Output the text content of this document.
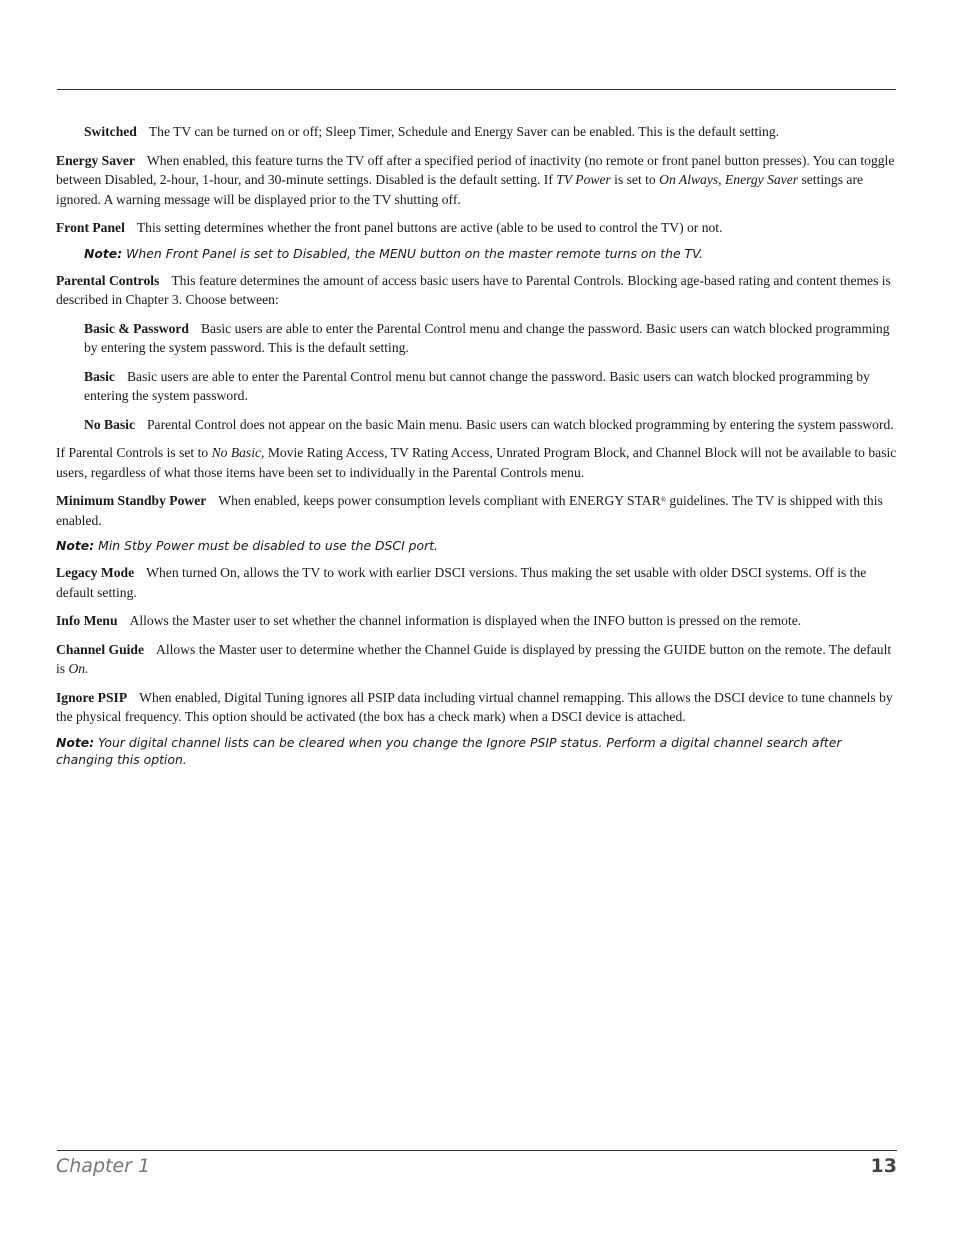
Switched The TV can be turned on or off; Sleep Timer, Schedule and Energy Saver can be enabled. This is the default setting.

Energy Saver When enabled, this feature turns the TV off after a specified period of inactivity (no remote or front panel button presses). You can toggle between Disabled, 2-hour, 1-hour, and 30-minute settings. Disabled is the default setting. If TV Power is set to On Always, Energy Saver settings are ignored. A warning message will be displayed prior to the TV shutting off.

Front Panel This setting determines whether the front panel buttons are active (able to be used to control the TV) or not.

Note: When Front Panel is set to Disabled, the MENU button on the master remote turns on the TV.

Parental Controls This feature determines the amount of access basic users have to Parental Controls. Blocking age-based rating and content themes is described in Chapter 3. Choose between:

Basic & Password Basic users are able to enter the Parental Control menu and change the password. Basic users can watch blocked programming by entering the system password. This is the default setting.

Basic Basic users are able to enter the Parental Control menu but cannot change the password. Basic users can watch blocked programming by entering the system password.

No Basic Parental Control does not appear on the basic Main menu. Basic users can watch blocked programming by entering the system password.

If Parental Controls is set to No Basic, Movie Rating Access, TV Rating Access, Unrated Program Block, and Channel Block will not be available to basic users, regardless of what those items have been set to individually in the Parental Controls menu.

Minimum Standby Power When enabled, keeps power consumption levels compliant with ENERGY STAR® guidelines. The TV is shipped with this enabled.

Note: Min Stby Power must be disabled to use the DSCI port.

Legacy Mode When turned On, allows the TV to work with earlier DSCI versions. Thus making the set usable with older DSCI systems. Off is the default setting.

Info Menu Allows the Master user to set whether the channel information is displayed when the INFO button is pressed on the remote.

Channel Guide Allows the Master user to determine whether the Channel Guide is displayed by pressing the GUIDE button on the remote. The default is On.

Ignore PSIP When enabled, Digital Tuning ignores all PSIP data including virtual channel remapping. This allows the DSCI device to tune channels by the physical frequency. This option should be activated (the box has a check mark) when a DSCI device is attached.

Note: Your digital channel lists can be cleared when you change the Ignore PSIP status. Perform a digital channel search after changing this option.

Chapter 1	13
